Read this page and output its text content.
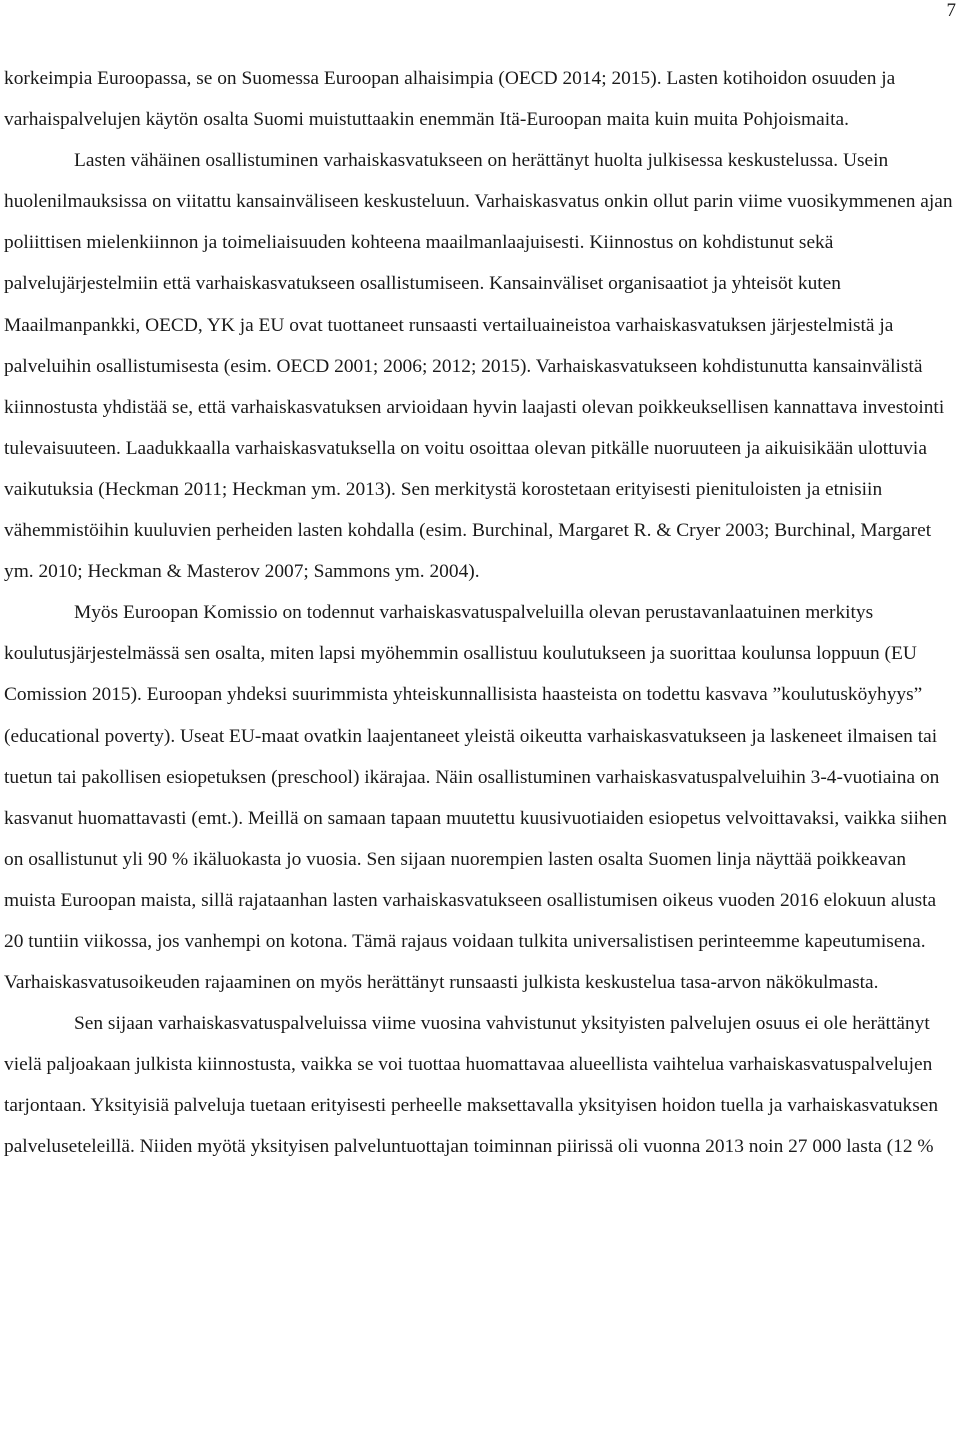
7

korkeimpia Euroopassa, se on Suomessa Euroopan alhaisimpia (OECD 2014; 2015). Lasten kotihoidon osuuden ja varhaispalvelujen käytön osalta Suomi muistuttaakin enemmän Itä-Euroopan maita kuin muita Pohjoismaita.

Lasten vähäinen osallistuminen varhaiskasvatukseen on herättänyt huolta julkisessa keskustelussa. Usein huolenilmauksissa on viitattu kansainväliseen keskusteluun. Varhaiskasvatus onkin ollut parin viime vuosikymmenen ajan poliittisen mielenkiinnon ja toimeliaisuuden kohteena maailmanlaajuisesti. Kiinnostus on kohdistunut sekä palvelujärjestelmiin että varhaiskasvatukseen osallistumiseen. Kansainväliset organisaatiot ja yhteisöt kuten Maailmanpankki, OECD, YK ja EU ovat tuottaneet runsaasti vertailuaineistoa varhaiskasvatuksen järjestelmistä ja palveluihin osallistumisesta (esim. OECD 2001; 2006; 2012; 2015). Varhaiskasvatukseen kohdistunutta kansainvälistä kiinnostusta yhdistää se, että varhaiskasvatuksen arvioidaan hyvin laajasti olevan poikkeuksellisen kannattava investointi tulevaisuuteen. Laadukkaalla varhaiskasvatuksella on voitu osoittaa olevan pitkälle nuoruuteen ja aikuisikään ulottuvia vaikutuksia (Heckman 2011; Heckman ym. 2013). Sen merkitystä korostetaan erityisesti pienituloisten ja etnisiin vähemmistöihin kuuluvien perheiden lasten kohdalla (esim. Burchinal, Margaret R. & Cryer 2003; Burchinal, Margaret ym. 2010; Heckman & Masterov 2007; Sammons ym. 2004).

Myös Euroopan Komissio on todennut varhaiskasvatuspalveluilla olevan perustavanlaatuinen merkitys koulutusjärjestelmässä sen osalta, miten lapsi myöhemmin osallistuu koulutukseen ja suorittaa koulunsa loppuun (EU Comission 2015). Euroopan yhdeksi suurimmista yhteiskunnallisista haasteista on todettu kasvava ”koulutusköyhyys” (educational poverty). Useat EU-maat ovatkin laajentaneet yleistä oikeutta varhaiskasvatukseen ja laskeneet ilmaisen tai tuetun tai pakollisen esiopetuksen (preschool) ikärajaa. Näin osallistuminen varhaiskasvatuspalveluihin 3-4-vuotiaina on kasvanut huomattavasti (emt.). Meillä on samaan tapaan muutettu kuusivuotiaiden esiopetus velvoittavaksi, vaikka siihen on osallistunut yli 90 % ikäluokasta jo vuosia. Sen sijaan nuorempien lasten osalta Suomen linja näyttää poikkeavan muista Euroopan maista, sillä rajataanhan lasten varhaiskasvatukseen osallistumisen oikeus vuoden 2016 elokuun alusta 20 tuntiin viikossa, jos vanhempi on kotona. Tämä rajaus voidaan tulkita universalistisen perinteemme kapeutumisena. Varhaiskasvatusoikeuden rajaaminen on myös herättänyt runsaasti julkista keskustelua tasa-arvon näkökulmasta.

Sen sijaan varhaiskasvatuspalveluissa viime vuosina vahvistunut yksityisten palvelujen osuus ei ole herättänyt vielä paljoakaan julkista kiinnostusta, vaikka se voi tuottaa huomattavaa alueellista vaihtelua varhaiskasvatuspalvelujen tarjontaan. Yksityisiä palveluja tuetaan erityisesti perheelle maksettavalla yksityisen hoidon tuella ja varhaiskasvatuksen palveluseteleillä. Niiden myötä yksityisen palveluntuottajan toiminnan piirissä oli vuonna 2013 noin 27 000 lasta (12 %
